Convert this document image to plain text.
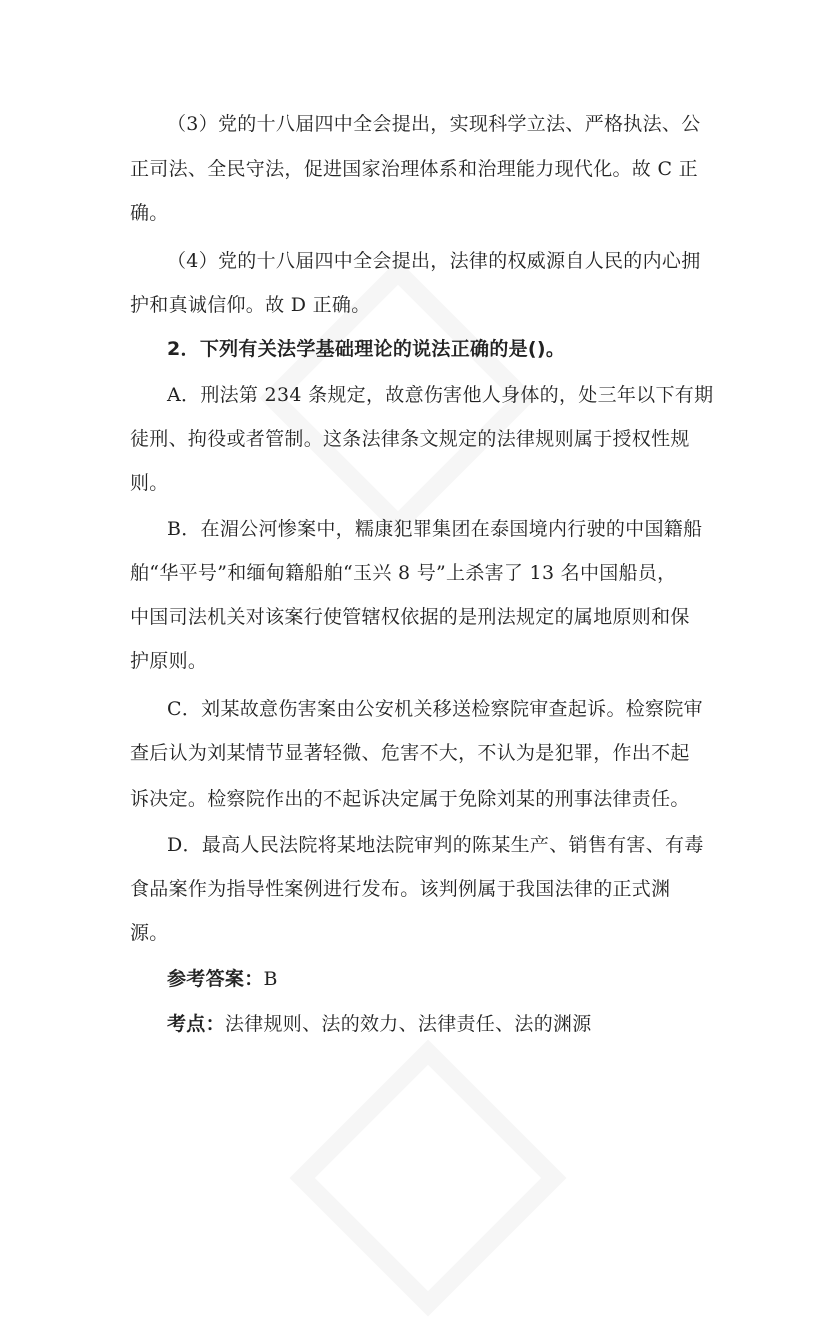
（3）党的十八届四中全会提出，实现科学立法、严格执法、公
正司法、全民守法，促进国家治理体系和治理能力现代化。故 C 正
确。
（4）党的十八届四中全会提出，法律的权威源自人民的内心拥
护和真诚信仰。故 D 正确。
2．下列有关法学基础理论的说法正确的是()。
A．刑法第 234 条规定，故意伤害他人身体的，处三年以下有期
徒刑、拘役或者管制。这条法律条文规定的法律规则属于授权性规
则。
B．在湄公河惨案中，糯康犯罪集团在泰国境内行驶的中国籍船
舶“华平号”和缅甸籍船舶“玉兴 8 号”上杀害了 13 名中国船员，
中国司法机关对该案行使管辖权依据的是刑法规定的属地原则和保
护原则。
C．刘某故意伤害案由公安机关移送检察院审查起诉。检察院审
查后认为刘某情节显著轻微、危害不大，不认为是犯罪，作出不起
诉决定。检察院作出的不起诉决定属于免除刘某的刑事法律责任。
D．最高人民法院将某地法院审判的陈某生产、销售有害、有毒
食品案作为指导性案例进行发布。该判例属于我国法律的正式渊
源。
参考答案：B
考点：法律规则、法的效力、法律责任、法的渊源
